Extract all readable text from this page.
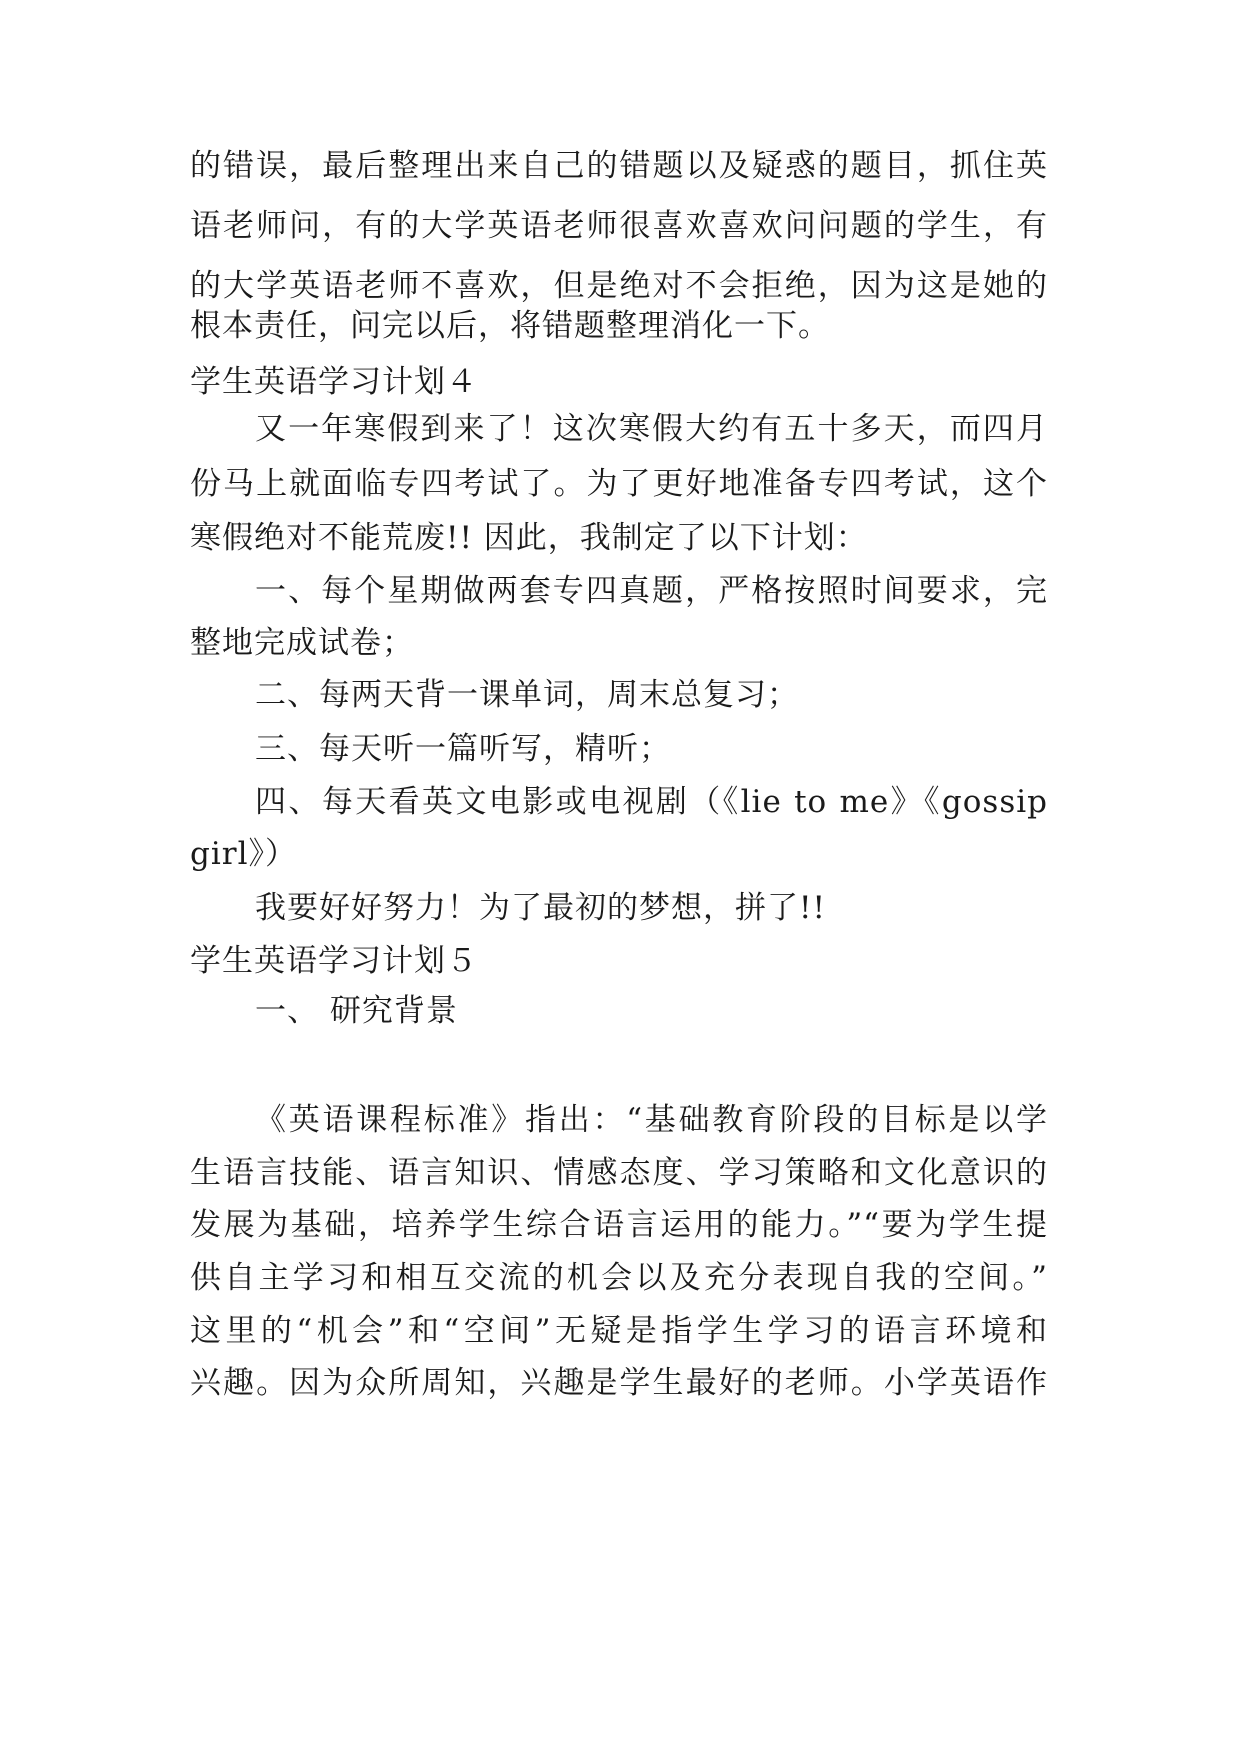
的错误，最后整理出来自己的错题以及疑惑的题目，抓住英
语老师问，有的大学英语老师很喜欢喜欢问问题的学生，有
的大学英语老师不喜欢，但是绝对不会拒绝，因为这是她的
根本责任，问完以后，将错题整理消化一下。
学生英语学习计划４
又一年寒假到来了！这次寒假大约有五十多天，而四月
份马上就面临专四考试了。为了更好地准备专四考试，这个
寒假绝对不能荒废!! 因此，我制定了以下计划：
一、每个星期做两套专四真题，严格按照时间要求，完
整地完成试卷；
二、每两天背一课单词，周末总复习；
三、每天听一篇听写，精听；
四、每天看英文电影或电视剧（《lie to me》《gossip
girl》）
我要好好努力！为了最初的梦想，拼了!!
学生英语学习计划５
一、 研究背景
《英语课程标准》指出：“基础教育阶段的目标是以学
生语言技能、语言知识、情感态度、学习策略和文化意识的
发展为基础，培养学生综合语言运用的能力。”“要为学生提
供自主学习和相互交流的机会以及充分表现自我的空间。”
这里的“机会”和“空间”无疑是指学生学习的语言环境和
兴趣。因为众所周知，兴趣是学生最好的老师。小学英语作
